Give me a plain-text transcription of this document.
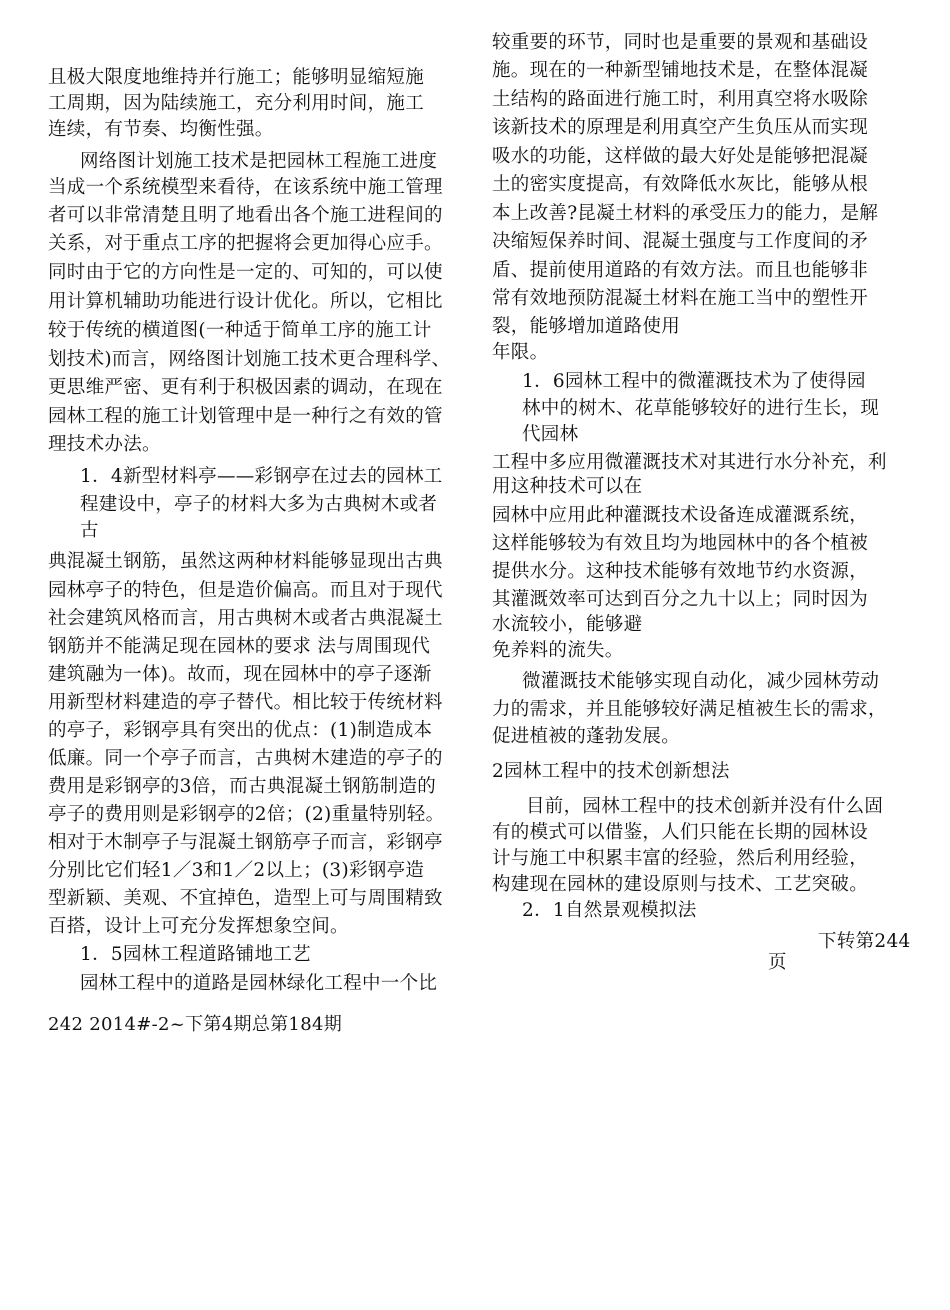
且极大限度地维持并行施工；能够明显缩短施
工周期，因为陆续施工，充分利用时间，施工
连续，有节奏、均衡性强。
网络图计划施工技术是把园林工程施工进度
当成一个系统模型来看待，在该系统中施工管理
者可以非常清楚且明了地看出各个施工进程间的
关系，对于重点工序的把握将会更加得心应手。
同时由于它的方向性是一定的、可知的，可以使
用计算机辅助功能进行设计优化。所以，它相比
较于传统的横道图(一种适于简单工序的施工计
划技术)而言，网络图计划施工技术更合理科学、
更思维严密、更有利于积极因素的调动，在现在
园林工程的施工计划管理中是一种行之有效的管
理技术办法。
1．4新型材料亭——彩钢亭在过去的园林工
程建设中，亭子的材料大多为古典树木或者
古
典混凝土钢筋，虽然这两种材料能够显现出古典
园林亭子的特色，但是造价偏高。而且对于现代
社会建筑风格而言，用古典树木或者古典混凝土
钢筋并不能满足现在园林的要求 法与周围现代
建筑融为一体)。故而，现在园林中的亭子逐渐
用新型材料建造的亭子替代。相比较于传统材料
的亭子，彩钢亭具有突出的优点：(1)制造成本
低廉。同一个亭子而言，古典树木建造的亭子的
费用是彩钢亭的3倍，而古典混凝土钢筋制造的
亭子的费用则是彩钢亭的2倍；(2)重量特别轻。
相对于木制亭子与混凝土钢筋亭子而言，彩钢亭
分别比它们轻1／3和1／2以上；(3)彩钢亭造
型新颖、美观、不宜掉色，造型上可与周围精致
百搭，设计上可充分发挥想象空间。
1．5园林工程道路铺地工艺
园林工程中的道路是园林绿化工程中一个比
较重要的环节，同时也是重要的景观和基础设
施。现在的一种新型铺地技术是，在整体混凝
土结构的路面进行施工时，利用真空将水吸除
该新技术的原理是利用真空产生负压从而实现
吸水的功能，这样做的最大好处是能够把混凝
土的密实度提高，有效降低水灰比，能够从根
本上改善?昆凝土材料的承受压力的能力，是解
决缩短保养时间、混凝土强度与工作度间的矛
盾、提前使用道路的有效方法。而且也能够非
常有效地预防混凝土材料在施工当中的塑性开
裂，能够增加道路使用
年限。
1．6园林工程中的微灌溉技术为了使得园
林中的树木、花草能够较好的进行生长，现
代园林
工程中多应用微灌溉技术对其进行水分补充，利
用这种技术可以在
园林中应用此种灌溉技术设备连成灌溉系统，
这样能够较为有效且均为地园林中的各个植被
提供水分。这种技术能够有效地节约水资源，
其灌溉效率可达到百分之九十以上；同时因为
水流较小，能够避
免养料的流失。
微灌溉技术能够实现自动化，减少园林劳动
力的需求，并且能够较好满足植被生长的需求，
促进植被的蓬勃发展。
2园林工程中的技术创新想法
目前，园林工程中的技术创新并没有什么固
有的模式可以借鉴，人们只能在长期的园林设
计与施工中积累丰富的经验，然后利用经验，
构建现在园林的建设原则与技术、工艺突破。
2．1自然景观模拟法
下转第244
页
242 2014#-2~下第4期总第184期
